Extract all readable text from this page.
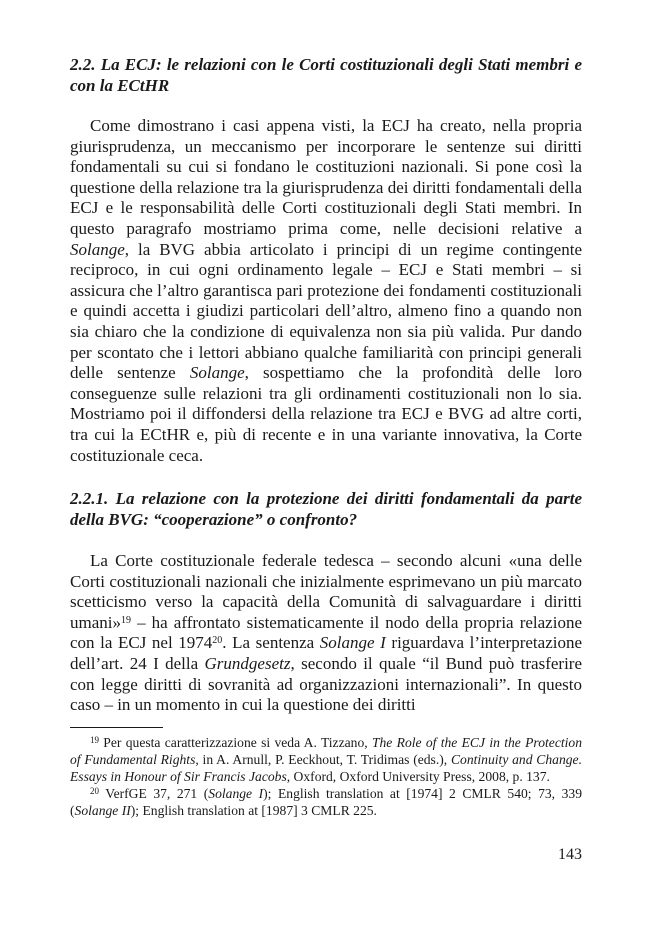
2.2. La ECJ: le relazioni con le Corti costituzionali degli Stati membri e con la ECtHR

Come dimostrano i casi appena visti, la ECJ ha creato, nella propria giurisprudenza, un meccanismo per incorporare le sentenze sui diritti fondamentali su cui si fondano le costituzioni nazionali. Si pone così la questione della relazione tra la giurisprudenza dei diritti fondamentali della ECJ e le responsabilità delle Corti costituzionali degli Stati membri. In questo paragrafo mostriamo prima come, nelle decisioni relative a Solange, la BVG abbia articolato i principi di un regime contingente reciproco, in cui ogni ordinamento legale – ECJ e Stati membri – si assicura che l’altro garantisca pari protezione dei fondamenti costituzionali e quindi accetta i giudizi particolari dell’altro, almeno fino a quando non sia chiaro che la condizione di equivalenza non sia più valida. Pur dando per scontato che i lettori abbiano qualche familiarità con principi generali delle sentenze Solange, sospettiamo che la profondità delle loro conseguenze sulle relazioni tra gli ordinamenti costituzionali non lo sia. Mostriamo poi il diffondersi della relazione tra ECJ e BVG ad altre corti, tra cui la ECtHR e, più di recente e in una variante innovativa, la Corte costituzionale ceca.

2.2.1. La relazione con la protezione dei diritti fondamentali da parte della BVG: “cooperazione” o confronto?

La Corte costituzionale federale tedesca – secondo alcuni «una delle Corti costituzionali nazionali che inizialmente esprimevano un più marcato scetticismo verso la capacità della Comunità di salvaguardare i diritti umani»$^{19}$ – ha affrontato sistematicamente il nodo della propria relazione con la ECJ nel 1974$^{20}$. La sentenza Solange I riguardava l’interpretazione dell’art. 24 I della Grundgesetz, secondo il quale “il Bund può trasferire con legge diritti di sovranità ad organizzazioni internazionali”. In questo caso – in un momento in cui la questione dei diritti

$^{19}$ Per questa caratterizzazione si veda A. Tizzano, The Role of the ECJ in the Protection of Fundamental Rights, in A. Arnull, P. Eeckhout, T. Tridimas (eds.), Continuity and Change. Essays in Honour of Sir Francis Jacobs, Oxford, Oxford University Press, 2008, p. 137.

$^{20}$ VerfGE 37, 271 (Solange I); English translation at [1974] 2 CMLR 540; 73, 339 (Solange II); English translation at [1987] 3 CMLR 225.

143
